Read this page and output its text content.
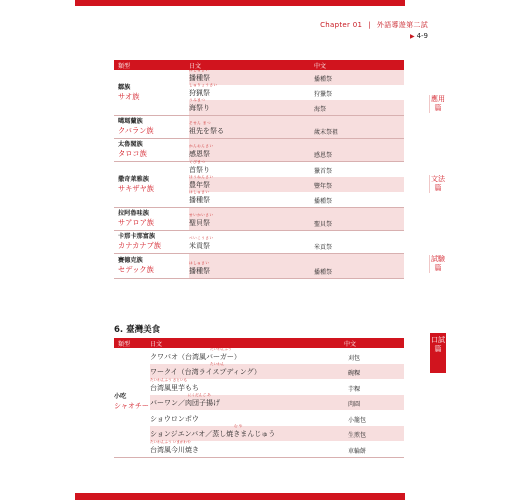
Chapter 01 | 外語導遊第二試
▶ 4-9
類型	日文	中文
鄒族
サオ族
はしゅさい
播種祭	播種祭
しゅりょうさい
狩猟祭	狩獵祭
うみまつ
海祭り	海祭
噶瑪蘭族
クバラン族
そせん まつ
祖先を祭る	歲末祭祖
太魯閣族
タロコ族
かんおんさい
感恩祭	感恩祭
撒奇萊雅族
サキザヤ族
くびまつ
首祭り	獵首祭
ほうねんさい
豊年祭	豐年祭
はしゅさい
播種祭	播種祭
拉阿魯哇族
サアロア族
せいかいさい
聖貝祭	聖貝祭
卡那卡那富族
カナカナブ族
べいこうさい
米貢祭	米貢祭
賽德克族
セデック族
はしゅさい
播種祭	播種祭
6. 臺灣美食
類型	日文	中文
小吃
シャオチー
たいわんふう
クワパオ（台湾風バーガー）	刈包
たいわん
ワークイ（台湾ライスプディング）	碗粿
たいわんふう さといも
台湾風里芋もち	芋粿
にくだんご あ
バーワン／肉団子揚げ	肉圓
ショウロンポウ	小籠包
む や
ションジエンバオ／蒸し焼きまんじゅう	生煎包
たいわんふう いまがわや
台湾風今川焼き	車輪餅
應用篇
文法篇
試驗篇
口試篇
